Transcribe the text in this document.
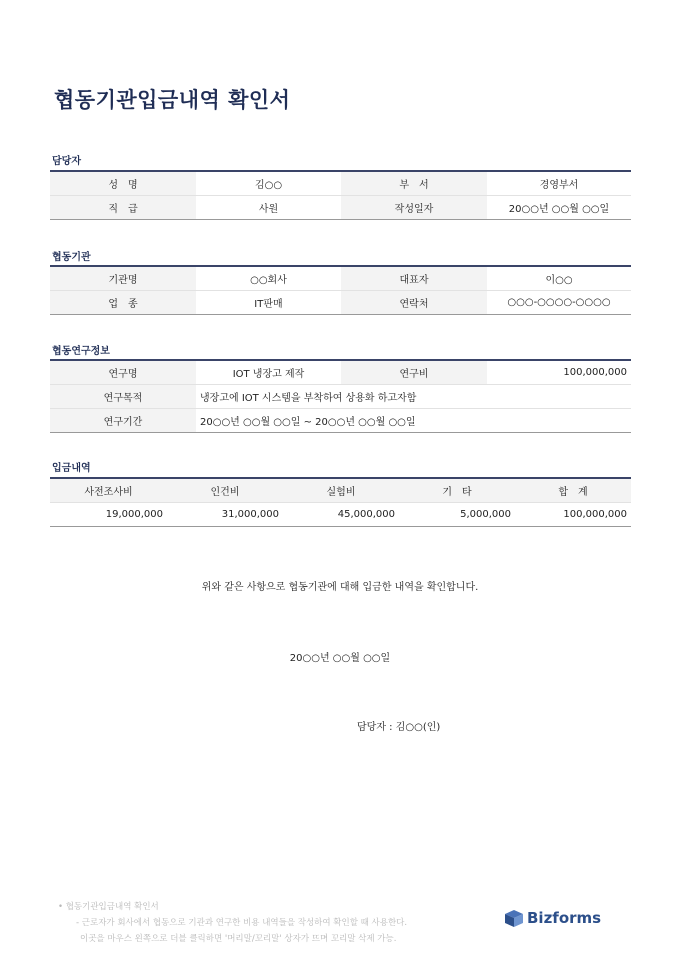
협동기관입금내역 확인서
담당자
성　명	김○○	부　서	경영부서
직　급	사원	작성일자	20○○년 ○○월 ○○일
협동기관
기관명	○○회사	대표자	이○○
업　종	IT판매	연락처	○○○-○○○○-○○○○
협동연구정보
연구명	IOT 냉장고 제작	연구비	100,000,000
연구목적	냉장고에 IOT 시스템을 부착하여 상용화 하고자함		
연구기간	20○○년 ○○월 ○○일 ~ 20○○년 ○○월 ○○일		
입금내역
사전조사비	인건비	실험비	기　타	합　계
19,000,000	31,000,000	45,000,000	5,000,000	100,000,000
위와 같은 사항으로 협동기관에 대해 입금한 내역을 확인합니다.
20○○년 ○○월 ○○일
담당자 : 김○○(인)
• 협동기관입금내역 확인서
- 근로자가 회사에서 협동으로 기관과 연구한 비용 내역들을 작성하여 확인할 때 사용한다.
이곳을 마우스 왼쪽으로 더블 클릭하면 '머리말/꼬리말' 상자가 뜨며 꼬리말 삭제 가능.
Bizforms
